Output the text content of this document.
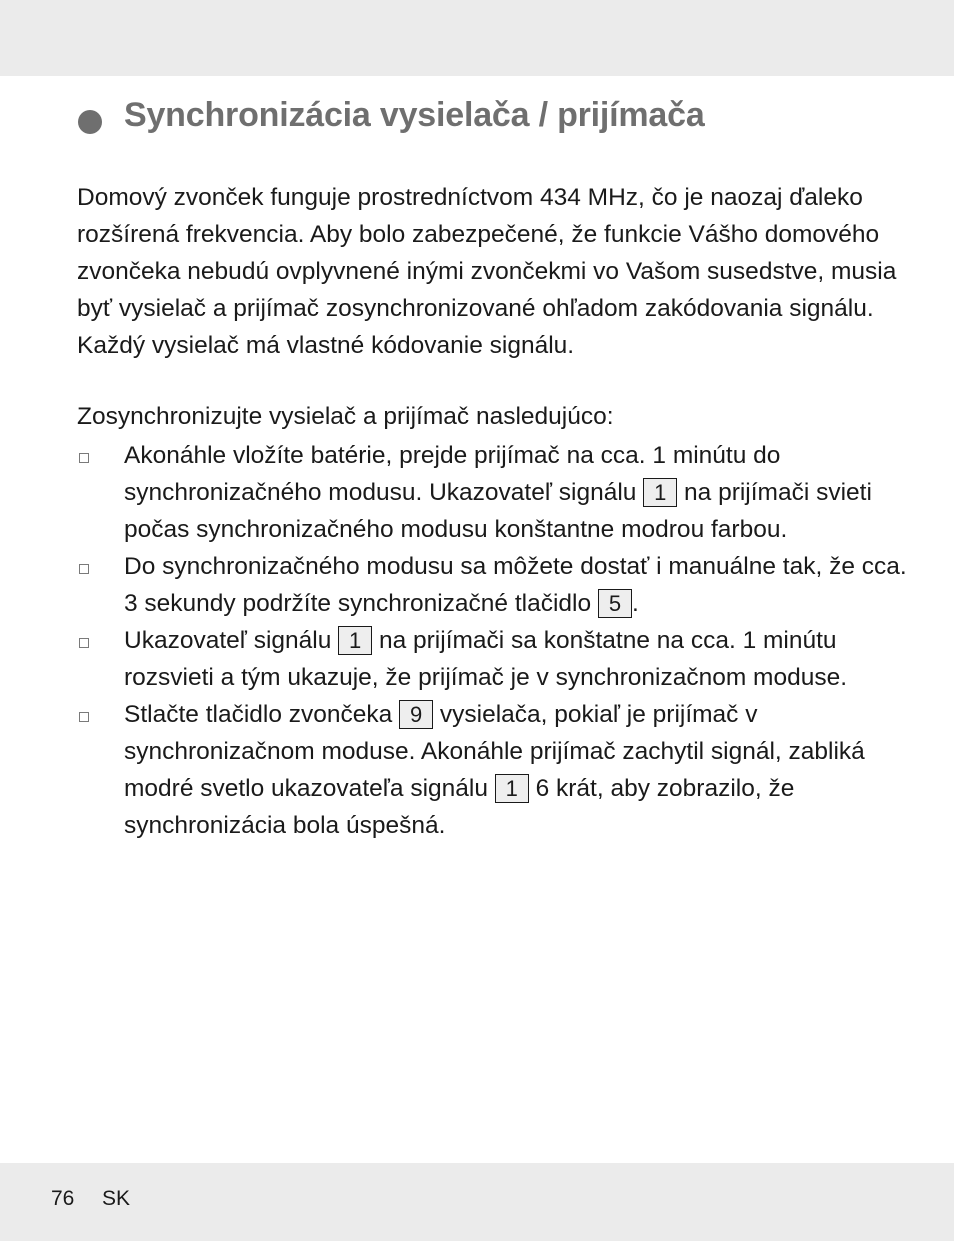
Synchronizácia vysielača / prijímača

Domový zvonček funguje prostredníctvom 434 MHz, čo je naozaj ďaleko rozšírená frekvencia. Aby bolo zabezpečené, že funkcie Vášho domového zvončeka nebudú ovplyvnené inými zvončekmi vo Vašom susedstve, musia byť vysielač a prijímač zosynchronizované ohľadom zakódovania signálu. Každý vysielač má vlastné kódovanie signálu.

Zosynchronizujte vysielač a prijímač nasledujúco:

Akonáhle vložíte batérie, prejde prijímač na cca. 1 minútu do synchronizačného modusu. Ukazovateľ signálu 1 na prijímači svieti počas synchronizačného modusu konštantne modrou farbou.
Do synchronizačného modusu sa môžete dostať i manuálne tak, že cca. 3 sekundy podržíte synchronizačné tlačidlo 5 .
Ukazovateľ signálu 1 na prijímači sa konštatne na cca. 1 minútu rozsvieti a tým ukazuje, že prijímač je v synchronizačnom moduse.
Stlačte tlačidlo zvončeka 9 vysielača, pokiaľ je prijímač v synchronizačnom moduse. Akonáhle prijímač zachytil signál, zabliká modré svetlo ukazovateľa signálu 1 6 krát, aby zobrazilo, že synchronizácia bola úspešná.
76 SK
